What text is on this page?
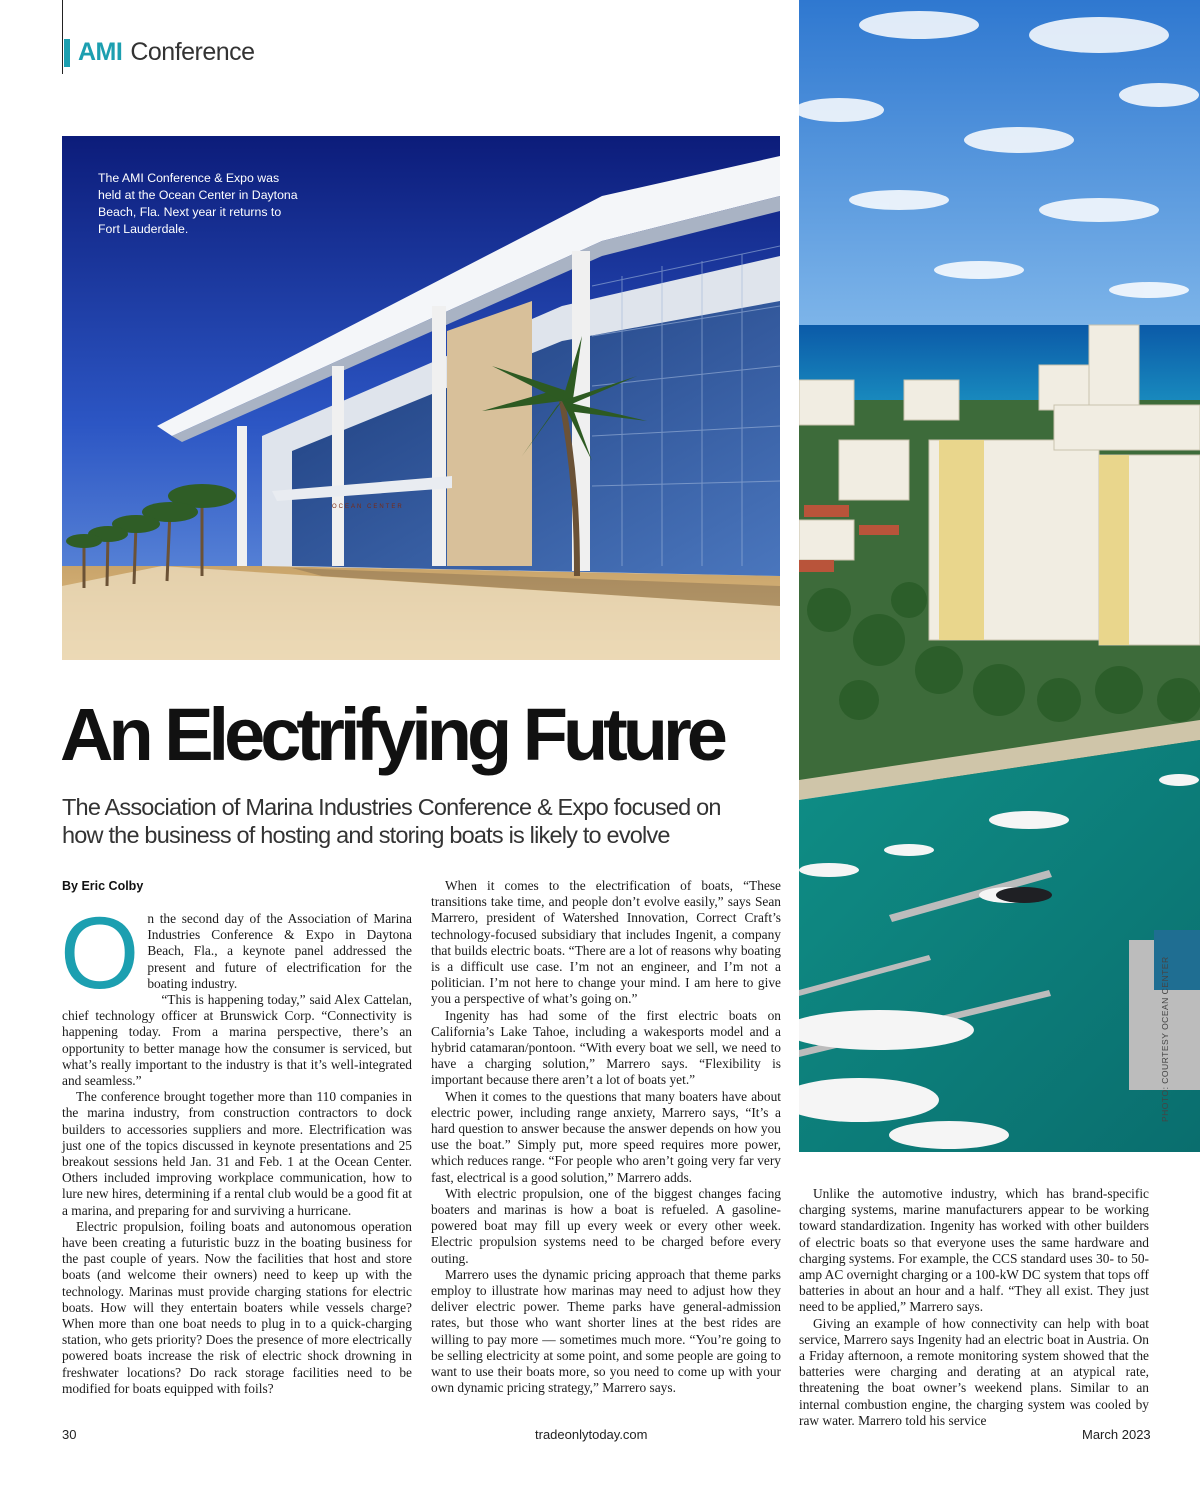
AMI Conference
OCEAN CENTER
The AMI Conference & Expo was held at the Ocean Center in Daytona Beach, Fla. Next year it returns to Fort Lauderdale.
An Electrifying Future

The Association of Marina Industries Conference & Expo focused on how the business of hosting and storing boats is likely to evolve

By Eric Colby
O n the second day of the Association of Marina Industries Conference & Expo in Daytona Beach, Fla., a keynote panel addressed the present and future of electrification for the boating industry.

“This is happening today,” said Alex Cattelan, chief technology officer at Brunswick Corp. “Connectivity is happening today. From a marina perspective, there’s an opportunity to better manage how the consumer is serviced, but what’s really important to the industry is that it’s well-integrated and seamless.”

The conference brought together more than 110 companies in the marina industry, from construction contractors to dock builders to accessories suppliers and more. Electrification was just one of the topics discussed in keynote presentations and 25 breakout sessions held Jan. 31 and Feb. 1 at the Ocean Center. Others included improving workplace communication, how to lure new hires, determining if a rental club would be a good fit at a marina, and preparing for and surviving a hurricane.

Electric propulsion, foiling boats and autonomous operation have been creating a futuristic buzz in the boating business for the past couple of years. Now the facilities that host and store boats (and welcome their owners) need to keep up with the technology. Marinas must provide charging stations for electric boats. How will they entertain boaters while vessels charge? When more than one boat needs to plug in to a quick-charging station, who gets priority? Does the presence of more electrically powered boats increase the risk of electric shock drowning in freshwater locations? Do rack storage facilities need to be modified for boats equipped with foils?

When it comes to the electrification of boats, “These transitions take time, and people don’t evolve easily,” says Sean Marrero, president of Watershed Innovation, Correct Craft’s technology-focused subsidiary that includes Ingenit, a company that builds electric boats. “There are a lot of reasons why boating is a difficult use case. I’m not an engineer, and I’m not a politician. I’m not here to change your mind. I am here to give you a perspective of what’s going on.”

Ingenity has had some of the first electric boats on California’s Lake Tahoe, including a wakesports model and a hybrid catamaran/pontoon. “With every boat we sell, we need to have a charging solution,” Marrero says. “Flexibility is important because there aren’t a lot of boats yet.”

When it comes to the questions that many boaters have about electric power, including range anxiety, Marrero says, “It’s a hard question to answer because the answer depends on how you use the boat.” Simply put, more speed requires more power, which reduces range. “For people who aren’t going very far very fast, electrical is a good solution,” Marrero adds.

With electric propulsion, one of the biggest changes facing boaters and marinas is how a boat is refueled. A gasoline-powered boat may fill up every week or every other week. Electric propulsion systems need to be charged before every outing.

Marrero uses the dynamic pricing approach that theme parks employ to illustrate how marinas may need to adjust how they deliver electric power. Theme parks have general-admission rates, but those who want shorter lines at the best rides are willing to pay more — sometimes much more. “You’re going to be selling electricity at some point, and some people are going to want to use their boats more, so you need to come up with your own dynamic pricing strategy,” Marrero says.

Unlike the automotive industry, which has brand-specific charging systems, marine manufacturers appear to be working toward standardization. Ingenity has worked with other builders of electric boats so that everyone uses the same hardware and charging systems. For example, the CCS standard uses 30- to 50-amp AC overnight charging or a 100-kW DC system that tops off batteries in about an hour and a half. “They all exist. They just need to be applied,” Marrero says.

Giving an example of how connectivity can help with boat service, Marrero says Ingenity had an electric boat in Austria. On a Friday afternoon, a remote monitoring system showed that the batteries were charging and derating at an atypical rate, threatening the boat owner’s weekend plans. Similar to an internal combustion engine, the charging system was cooled by raw water. Marrero told his service

PHOTO: COURTESY OCEAN CENTER
30	tradeonlytoday.com	March 2023
